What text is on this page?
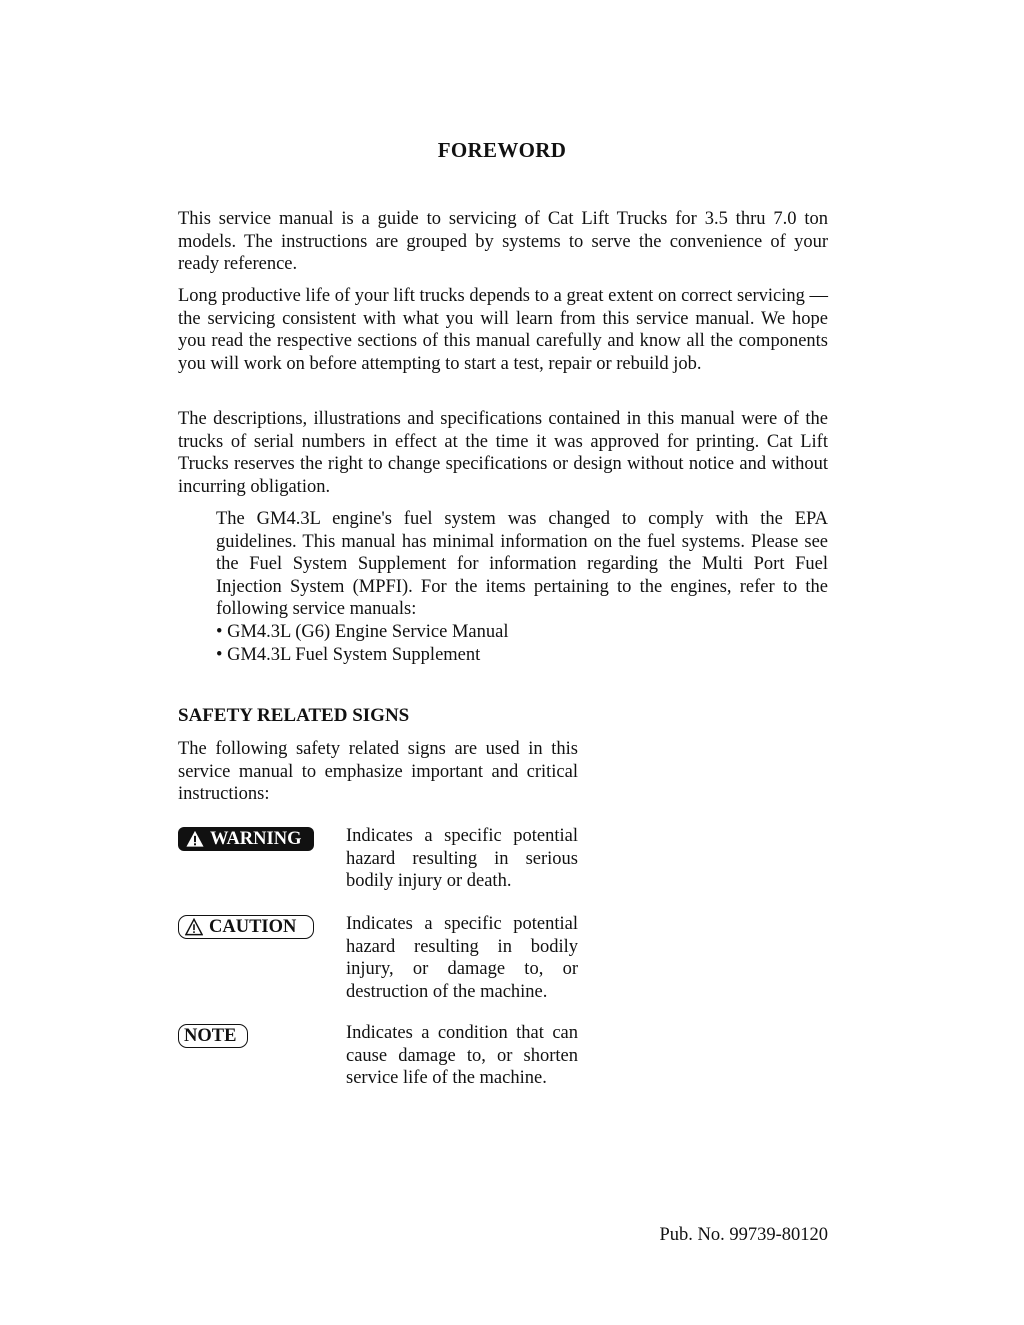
FOREWORD
This service manual is a guide to servicing of Cat Lift Trucks for 3.5 thru 7.0 ton models. The instructions are grouped by systems to serve the convenience of your ready reference.
Long productive life of your lift trucks depends to a great extent on correct servicing — the servicing consistent with what you will learn from this service manual. We hope you read the respective sections of this manual carefully and know all the components you will work on before attempting to start a test, repair or rebuild job.
The descriptions, illustrations and specifications contained in this manual were of the trucks of serial numbers in effect at the time it was approved for printing. Cat Lift Trucks reserves the right to change specifications or design without notice and without incurring obligation.
The GM4.3L engine's fuel system was changed to comply with the EPA guidelines. This manual has minimal information on the fuel systems. Please see the Fuel System Supplement for information regarding the Multi Port Fuel Injection System (MPFI). For the items pertaining to the engines, refer to the following service manuals:
• GM4.3L (G6) Engine Service Manual
• GM4.3L Fuel System Supplement
SAFETY RELATED SIGNS
The following safety related signs are used in this service manual to emphasize important and critical instructions:
WARNING Indicates a specific potential hazard resulting in serious bodily injury or death.
CAUTION	Indicates a specific potential hazard resulting in bodily injury, or damage to, or destruction of the machine.
NOTE	Indicates a condition that can cause damage to, or shorten service life of the machine.
Pub. No. 99739-80120
